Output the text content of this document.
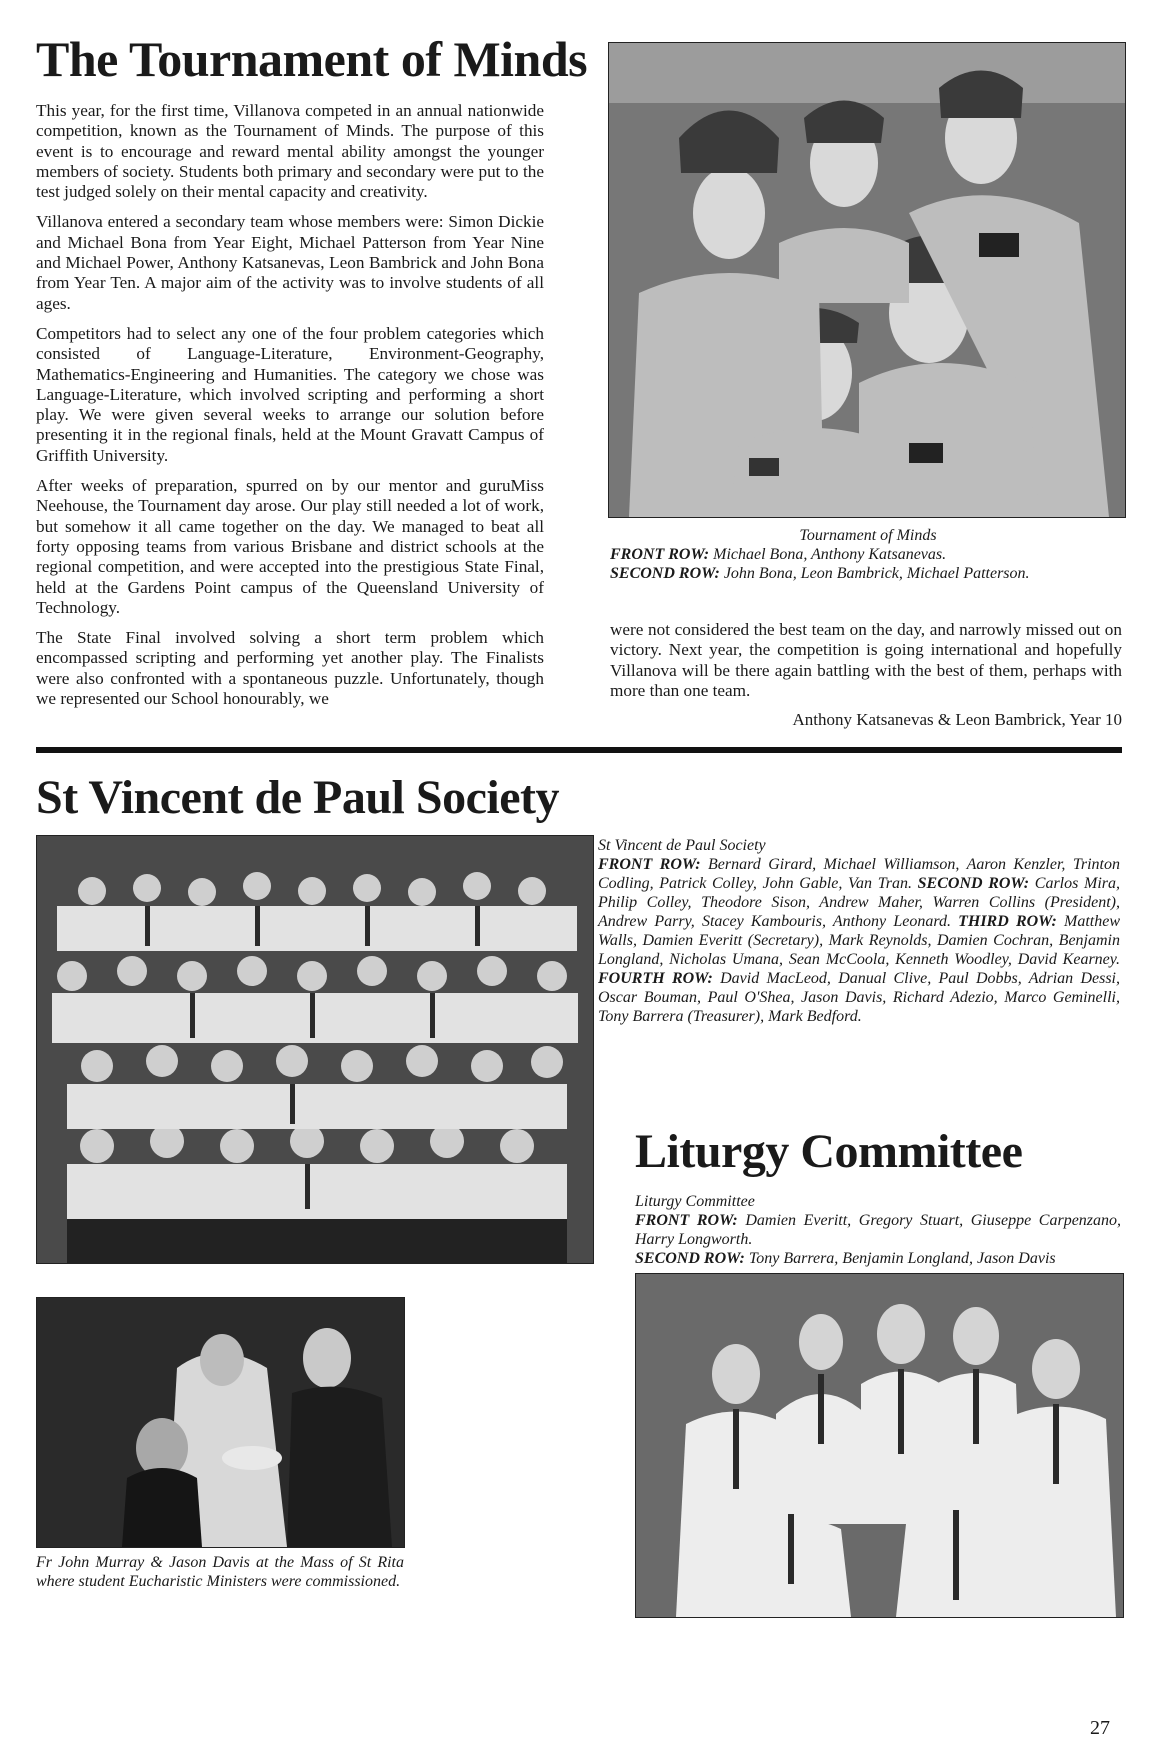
The Tournament of Minds

This year, for the first time, Villanova competed in an annual nationwide competition, known as the Tournament of Minds. The purpose of this event is to encourage and reward mental ability amongst the younger members of society. Students both primary and secondary were put to the test judged solely on their mental capacity and creativity.

Villanova entered a secondary team whose members were: Simon Dickie and Michael Bona from Year Eight, Michael Patterson from Year Nine and Michael Power, Anthony Katsanevas, Leon Bambrick and John Bona from Year Ten. A major aim of the activity was to involve students of all ages.

Competitors had to select any one of the four problem categories which consisted of Language-Literature, Environment-Geography, Mathematics-Engineering and Humanities. The category we chose was Language-Literature, which involved scripting and performing a short play. We were given several weeks to arrange our solution before presenting it in the regional finals, held at the Mount Gravatt Campus of Griffith University.

After weeks of preparation, spurred on by our mentor and guruMiss Neehouse, the Tournament day arose. Our play still needed a lot of work, but somehow it all came together on the day. We managed to beat all forty opposing teams from various Brisbane and district schools at the regional competition, and were accepted into the prestigious State Final, held at the Gardens Point campus of the Queensland University of Technology.

The State Final involved solving a short term problem which encompassed scripting and performing yet another play. The Finalists were also confronted with a spontaneous puzzle. Unfortunately, though we represented our School honourably, we

Tournament of Minds
FRONT ROW: Michael Bona, Anthony Katsanevas.
SECOND ROW: John Bona, Leon Bambrick, Michael Patterson.

were not considered the best team on the day, and narrowly missed out on victory. Next year, the competition is going international and hopefully Villanova will be there again battling with the best of them, perhaps with more than one team.

Anthony Katsanevas & Leon Bambrick, Year 10
St Vincent de Paul Society
St Vincent de Paul Society
FRONT ROW: Bernard Girard, Michael Williamson, Aaron Kenzler, Trinton Codling, Patrick Colley, John Gable, Van Tran. SECOND ROW: Carlos Mira, Philip Colley, Theodore Sison, Andrew Maher, Warren Collins (President), Andrew Parry, Stacey Kambouris, Anthony Leonard. THIRD ROW: Matthew Walls, Damien Everitt (Secretary), Mark Reynolds, Damien Cochran, Benjamin Longland, Nicholas Umana, Sean McCoola, Kenneth Woodley, David Kearney. FOURTH ROW: David MacLeod, Danual Clive, Paul Dobbs, Adrian Dessi, Oscar Bouman, Paul O'Shea, Jason Davis, Richard Adezio, Marco Geminelli, Tony Barrera (Treasurer), Mark Bedford.
Liturgy Committee
Liturgy Committee
FRONT ROW: Damien Everitt, Gregory Stuart, Giuseppe Carpenzano, Harry Longworth.
SECOND ROW: Tony Barrera, Benjamin Longland, Jason Davis
Fr John Murray & Jason Davis at the Mass of St Rita where student Eucharistic Ministers were commissioned.
27
